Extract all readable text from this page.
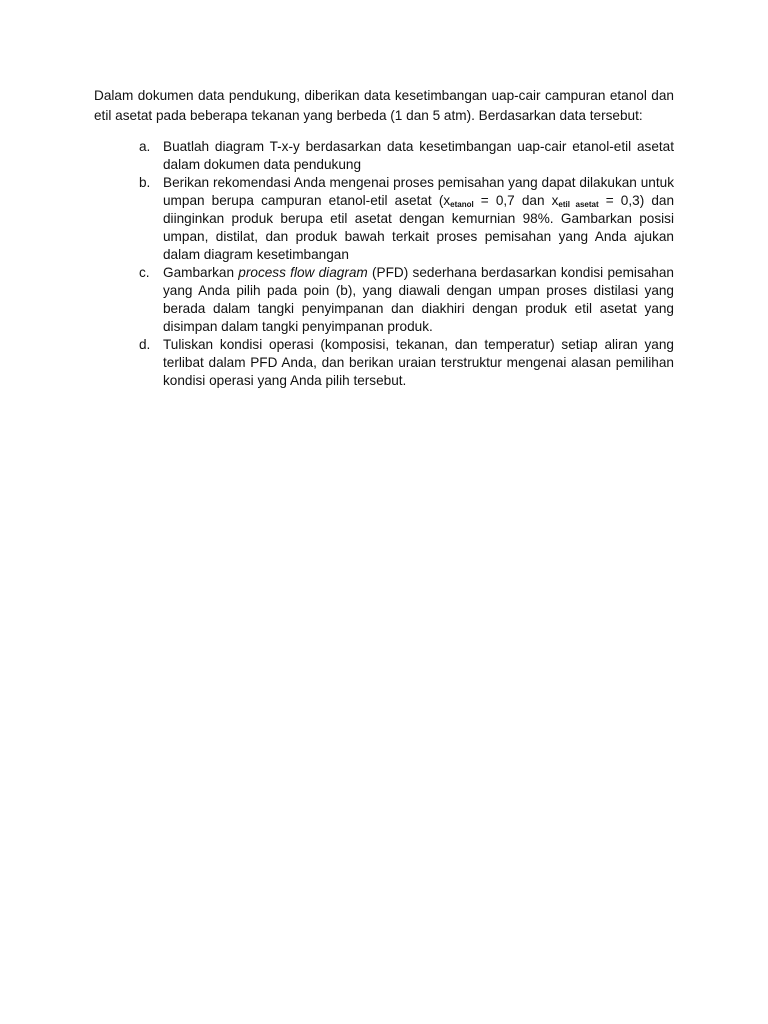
Dalam dokumen data pendukung, diberikan data kesetimbangan uap-cair campuran etanol dan etil asetat pada beberapa tekanan yang berbeda (1 dan 5 atm). Berdasarkan data tersebut:

a. Buatlah diagram T-x-y berdasarkan data kesetimbangan uap-cair etanol-etil asetat dalam dokumen data pendukung
b. Berikan rekomendasi Anda mengenai proses pemisahan yang dapat dilakukan untuk umpan berupa campuran etanol-etil asetat ($x_{etanol} = 0,7$ dan $x_{etil asetat} = 0,3$) dan diinginkan produk berupa etil asetat dengan kemurnian 98%. Gambarkan posisi umpan, distilat, dan produk bawah terkait proses pemisahan yang Anda ajukan dalam diagram kesetimbangan
c. Gambarkan process flow diagram (PFD) sederhana berdasarkan kondisi pemisahan yang Anda pilih pada poin (b), yang diawali dengan umpan proses distilasi yang berada dalam tangki penyimpanan dan diakhiri dengan produk etil asetat yang disimpan dalam tangki penyimpanan produk.
d. Tuliskan kondisi operasi (komposisi, tekanan, dan temperatur) setiap aliran yang terlibat dalam PFD Anda, dan berikan uraian terstruktur mengenai alasan pemilihan kondisi operasi yang Anda pilih tersebut.
